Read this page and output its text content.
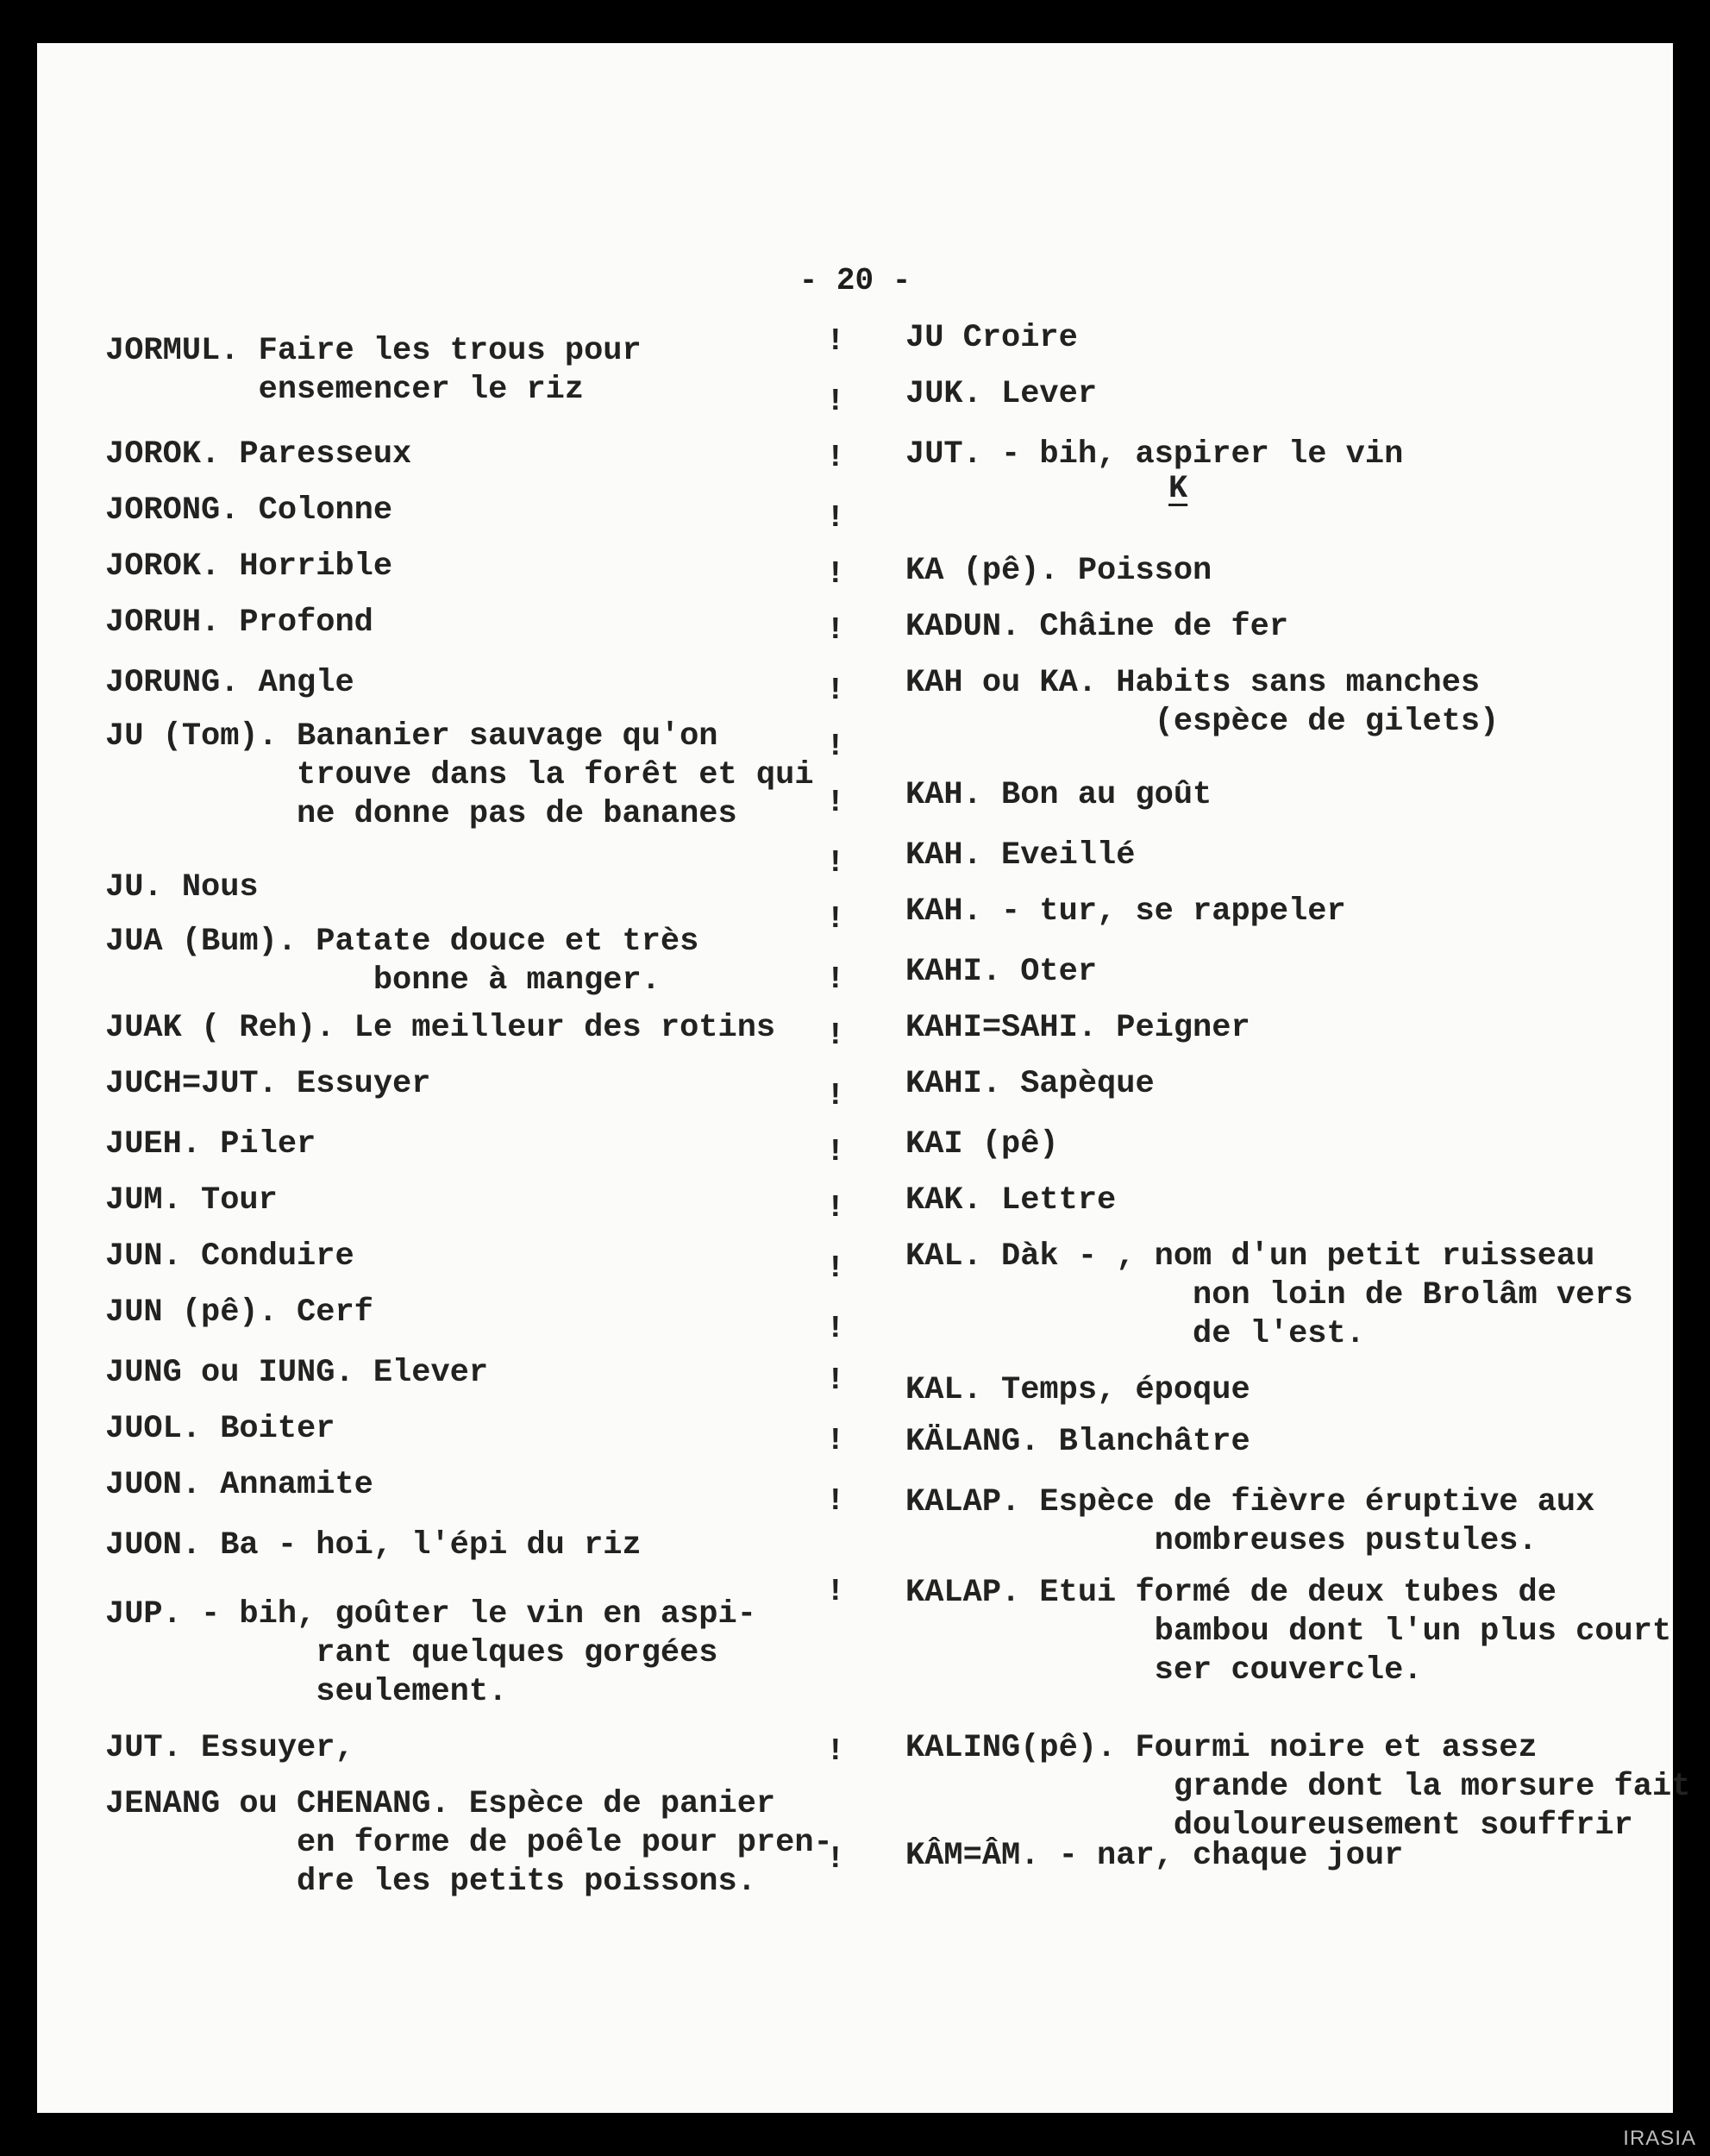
- 20 -
JORMUL. Faire les trous pour
ensemencer le riz
JOROK. Paresseux
JORONG. Colonne
JOROK. Horrible
JORUH. Profond
JORUNG. Angle
JU (Tom). Bananier sauvage qu'on
trouve dans la forêt et qui
ne donne pas de bananes
JU. Nous
JUA (Bum). Patate douce et très
bonne à manger.
JUAK ( Reh). Le meilleur des rotins
JUCH=JUT. Essuyer
JUEH. Piler
JUM. Tour
JUN. Conduire
JUN (pê). Cerf
JUNG ou IUNG. Elever
JUOL. Boiter
JUON. Annamite
JUON. Ba - hoi, l'épi du riz
JUP. - bih, goûter le vin en aspi-
rant quelques gorgées
seulement.
JUT. Essuyer,
JENANG ou CHENANG. Espèce de panier
en forme de poêle pour pren-
dre les petits poissons.
JU Croire
JUK. Lever
JUT. - bih, aspirer le vin
K
KA (pê). Poisson
KADUN. Châine de fer
KAH ou KA. Habits sans manches
(espèce de gilets)
KAH. Bon au goût
KAH. Eveillé
KAH. - tur, se rappeler
KAHI. Oter
KAHI=SAHI. Peigner
KAHI. Sapèque
KAI (pê)
KAK. Lettre
KAL. Dàk - , nom d'un petit ruisseau
non loin de Brolâm vers
de l'est.
KAL. Temps, époque
KÄLANG. Blanchâtre
KALAP. Espèce de fièvre éruptive aux
nombreuses pustules.
KALAP. Etui formé de deux tubes de
bambou dont l'un plus court
ser couvercle.
KALING(pê). Fourmi noire et assez
grande dont la morsure fait
douloureusement souffrir
KÂM=ÂM. - nar, chaque jour
!
!
!
!
!
!
!
!
!
!
!
!
!
!
!
!
!
!
!
!
!
!
!
!
IRASIA
